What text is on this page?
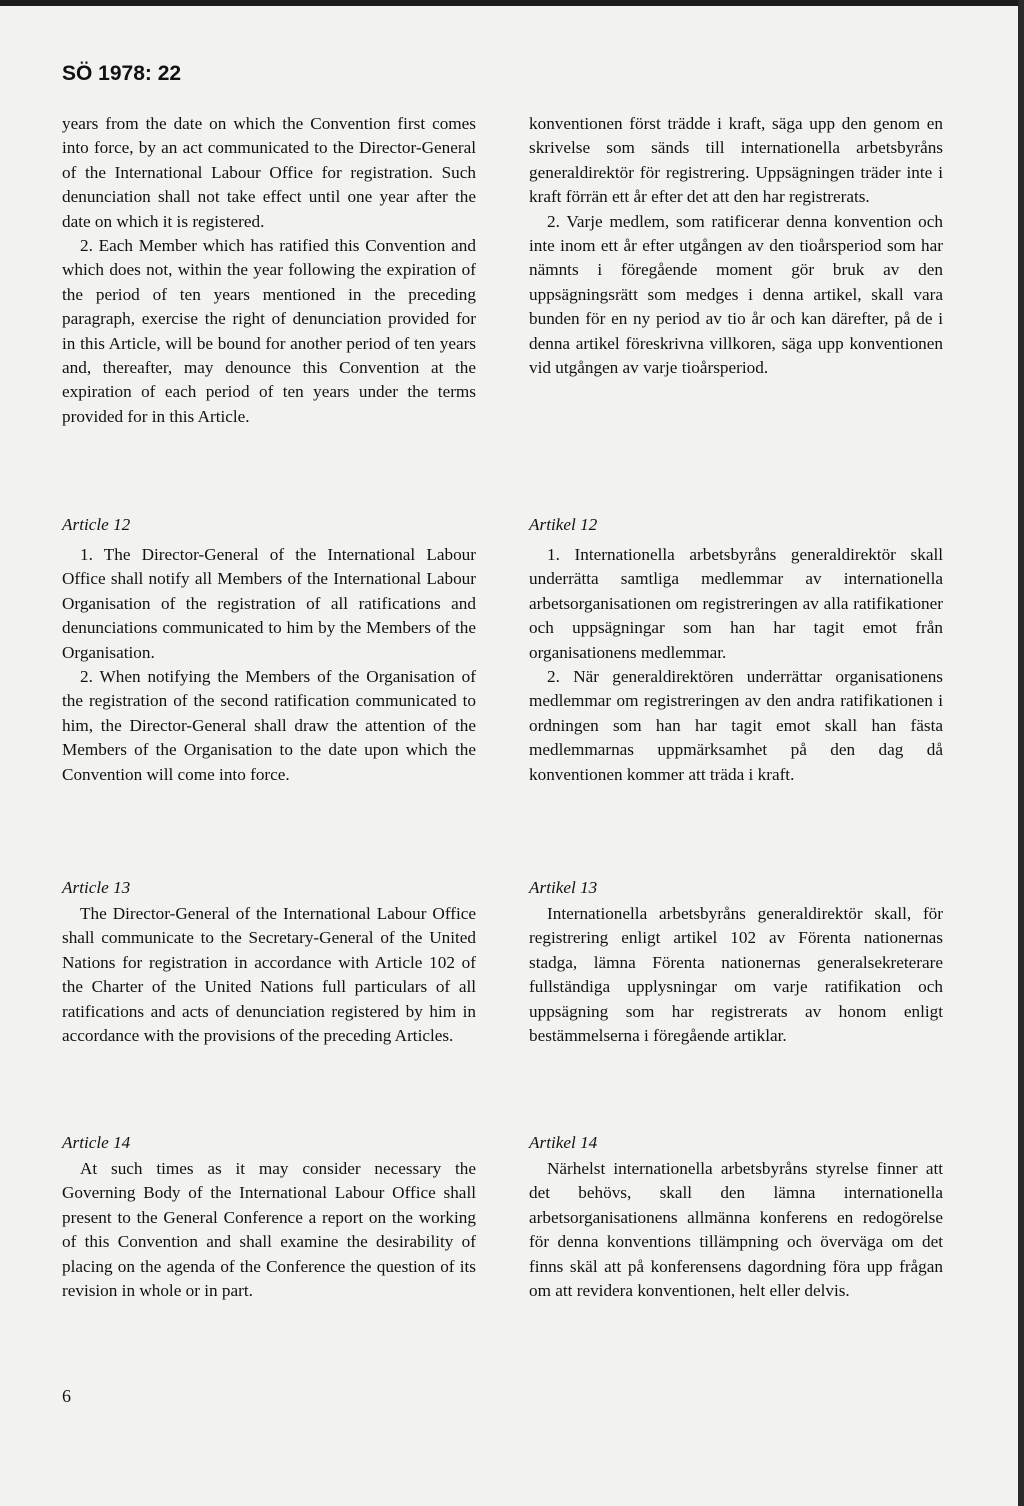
SÖ 1978: 22

years from the date on which the Convention first comes into force, by an act communicated to the Director-General of the International Labour Office for registration. Such denunciation shall not take effect until one year after the date on which it is registered.

2. Each Member which has ratified this Convention and which does not, within the year following the expiration of the period of ten years mentioned in the preceding paragraph, exercise the right of denunciation provided for in this Article, will be bound for another period of ten years and, thereafter, may denounce this Convention at the expiration of each period of ten years under the terms provided for in this Article.

Article 12

1. The Director-General of the International Labour Office shall notify all Members of the International Labour Organisation of the registration of all ratifications and denunciations communicated to him by the Members of the Organisation.

2. When notifying the Members of the Organisation of the registration of the second ratification communicated to him, the Director-General shall draw the attention of the Members of the Organisation to the date upon which the Convention will come into force.

Article 13

The Director-General of the International Labour Office shall communicate to the Secretary-General of the United Nations for registration in accordance with Article 102 of the Charter of the United Nations full particulars of all ratifications and acts of denunciation registered by him in accordance with the provisions of the preceding Articles.

Article 14

At such times as it may consider necessary the Governing Body of the International Labour Office shall present to the General Conference a report on the working of this Convention and shall examine the desirability of placing on the agenda of the Conference the question of its revision in whole or in part.

konventionen först trädde i kraft, säga upp den genom en skrivelse som sänds till internationella arbetsbyråns generaldirektör för registrering. Uppsägningen träder inte i kraft förrän ett år efter det att den har registrerats.

2. Varje medlem, som ratificerar denna konvention och inte inom ett år efter utgången av den tioårsperiod som har nämnts i föregående moment gör bruk av den uppsägningsrätt som medges i denna artikel, skall vara bunden för en ny period av tio år och kan därefter, på de i denna artikel föreskrivna villkoren, säga upp konventionen vid utgången av varje tioårsperiod.

Artikel 12

1. Internationella arbetsbyråns generaldirektör skall underrätta samtliga medlemmar av internationella arbetsorganisationen om registreringen av alla ratifikationer och uppsägningar som han har tagit emot från organisationens medlemmar.

2. När generaldirektören underrättar organisationens medlemmar om registreringen av den andra ratifikationen i ordningen som han har tagit emot skall han fästa medlemmarnas uppmärksamhet på den dag då konventionen kommer att träda i kraft.

Artikel 13

Internationella arbetsbyråns generaldirektör skall, för registrering enligt artikel 102 av Förenta nationernas stadga, lämna Förenta nationernas generalsekreterare fullständiga upplysningar om varje ratifikation och uppsägning som har registrerats av honom enligt bestämmelserna i föregående artiklar.

Artikel 14

Närhelst internationella arbetsbyråns styrelse finner att det behövs, skall den lämna internationella arbetsorganisationens allmänna konferens en redogörelse för denna konventions tillämpning och överväga om det finns skäl att på konferensens dagordning föra upp frågan om att revidera konventionen, helt eller delvis.

6
